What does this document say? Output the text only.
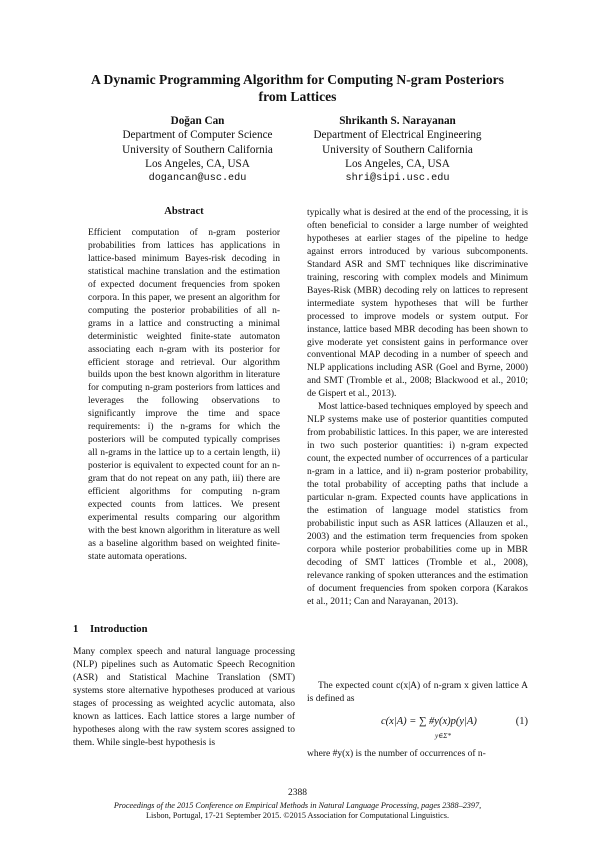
A Dynamic Programming Algorithm for Computing N-gram Posteriors
from Lattices
Doğan Can
Department of Computer Science
University of Southern California
Los Angeles, CA, USA
dogancan@usc.edu
Shrikanth S. Narayanan
Department of Electrical Engineering
University of Southern California
Los Angeles, CA, USA
shri@sipi.usc.edu
Abstract
Efficient computation of n-gram posterior probabilities from lattices has applications in lattice-based minimum Bayes-risk decoding in statistical machine translation and the estimation of expected document frequencies from spoken corpora. In this paper, we present an algorithm for computing the posterior probabilities of all n-grams in a lattice and constructing a minimal deterministic weighted finite-state automaton associating each n-gram with its posterior for efficient storage and retrieval. Our algorithm builds upon the best known algorithm in literature for computing n-gram posteriors from lattices and leverages the following observations to significantly improve the time and space requirements: i) the n-grams for which the posteriors will be computed typically comprises all n-grams in the lattice up to a certain length, ii) posterior is equivalent to expected count for an n-gram that do not repeat on any path, iii) there are efficient algorithms for computing n-gram expected counts from lattices. We present experimental results comparing our algorithm with the best known algorithm in literature as well as a baseline algorithm based on weighted finite-state automata operations.
1 Introduction
Many complex speech and natural language processing (NLP) pipelines such as Automatic Speech Recognition (ASR) and Statistical Machine Translation (SMT) systems store alternative hypotheses produced at various stages of processing as weighted acyclic automata, also known as lattices. Each lattice stores a large number of hypotheses along with the raw system scores assigned to them. While single-best hypothesis is

typically what is desired at the end of the processing, it is often beneficial to consider a large number of weighted hypotheses at earlier stages of the pipeline to hedge against errors introduced by various subcomponents. Standard ASR and SMT techniques like discriminative training, rescoring with complex models and Minimum Bayes-Risk (MBR) decoding rely on lattices to represent intermediate system hypotheses that will be further processed to improve models or system output. For instance, lattice based MBR decoding has been shown to give moderate yet consistent gains in performance over conventional MAP decoding in a number of speech and NLP applications including ASR (Goel and Byrne, 2000) and SMT (Tromble et al., 2008; Blackwood et al., 2010; de Gispert et al., 2013).

Most lattice-based techniques employed by speech and NLP systems make use of posterior quantities computed from probabilistic lattices. In this paper, we are interested in two such posterior quantities: i) n-gram expected count, the expected number of occurrences of a particular n-gram in a lattice, and ii) n-gram posterior probability, the total probability of accepting paths that include a particular n-gram. Expected counts have applications in the estimation of language model statistics from probabilistic input such as ASR lattices (Allauzen et al., 2003) and the estimation term frequencies from spoken corpora while posterior probabilities come up in MBR decoding of SMT lattices (Tromble et al., 2008), relevance ranking of spoken utterances and the estimation of document frequencies from spoken corpora (Karakos et al., 2011; Can and Narayanan, 2013).

The expected count c(x|A) of n-gram x given lattice A is defined as
c(x|A) = ∑ #y(x)p(y|A)
y∈Σ*
(1)
where #y(x) is the number of occurrences of n-
2388
Proceedings of the 2015 Conference on Empirical Methods in Natural Language Processing, pages 2388–2397,
Lisbon, Portugal, 17-21 September 2015. ©2015 Association for Computational Linguistics.
